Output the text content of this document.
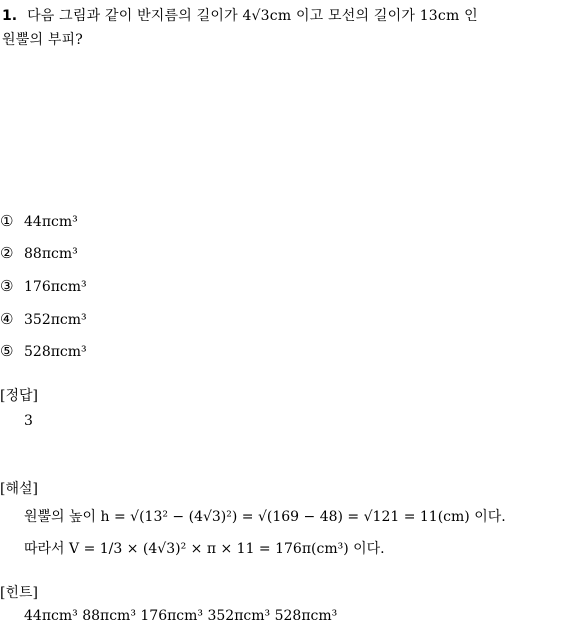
1. 다음 그림과 같이 반지름의 길이가 4√3cm 이고 모선의 길이가 13cm 인
원뿔의 부피?
① 44πcm³
② 88πcm³
③ 176πcm³
④ 352πcm³
⑤ 528πcm³
[정답]
3
[해설]
원뿔의 높이 h = √(13² − (4√3)²) = √(169 − 48) = √121 = 11(cm) 이다.
따라서 V = 1/3 × (4√3)² × π × 11 = 176π(cm³) 이다.
[힌트]
44πcm³ 88πcm³ 176πcm³ 352πcm³ 528πcm³
